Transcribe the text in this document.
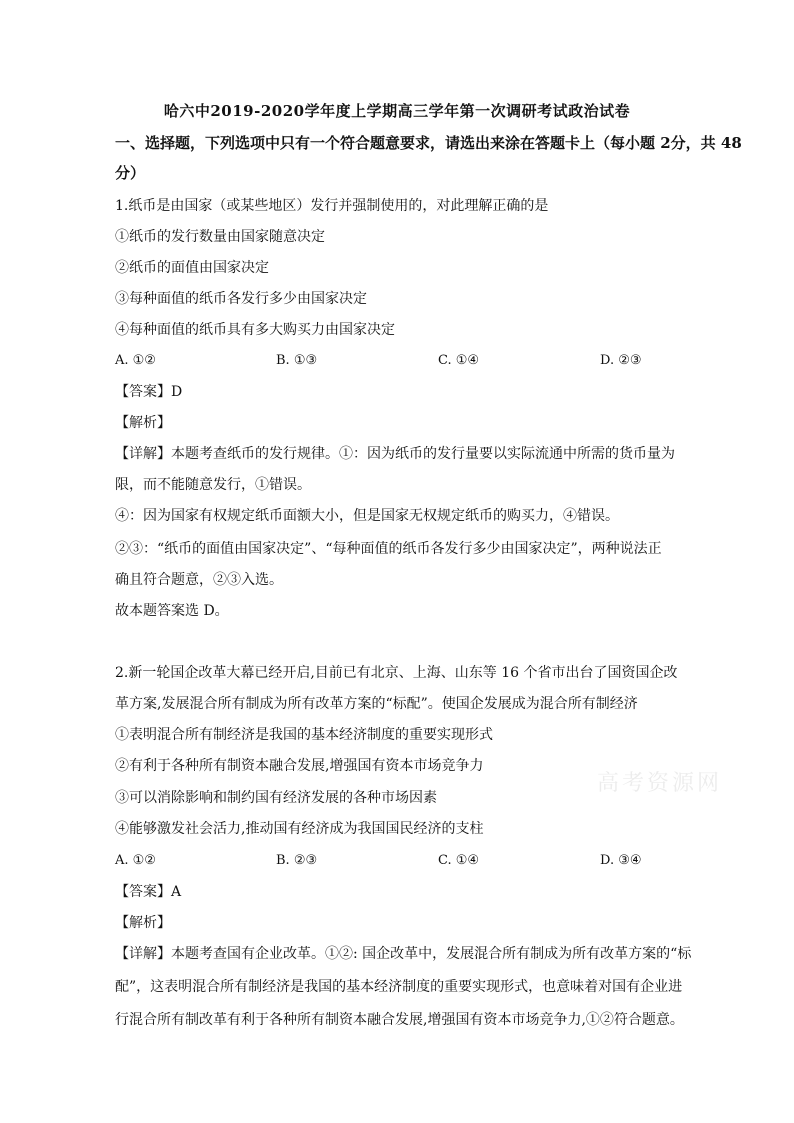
哈六中2019-2020学年度上学期高三学年第一次调研考试政治试卷
一、选择题，下列选项中只有一个符合题意要求，请选出来涂在答题卡上（每小题 2分，共 48
分）
1.纸币是由国家（或某些地区）发行并强制使用的，对此理解正确的是
①纸币的发行数量由国家随意决定
②纸币的面值由国家决定
③每种面值的纸币各发行多少由国家决定
④每种面值的纸币具有多大购买力由国家决定
A. ①②	B. ①③	C. ①④	D. ②③
【答案】D
【解析】
【详解】本题考查纸币的发行规律。①：因为纸币的发行量要以实际流通中所需的货币量为
限，而不能随意发行，①错误。
④：因为国家有权规定纸币面额大小，但是国家无权规定纸币的购买力，④错误。
②③：“纸币的面值由国家决定”、“每种面值的纸币各发行多少由国家决定”，两种说法正
确且符合题意，②③入选。
故本题答案选 D。
2.新一轮国企改革大幕已经开启,目前已有北京、上海、山东等 16 个省市出台了国资国企改
革方案,发展混合所有制成为所有改革方案的“标配”。使国企发展成为混合所有制经济
①表明混合所有制经济是我国的基本经济制度的重要实现形式
②有利于各种所有制资本融合发展,增强国有资本市场竞争力
③可以消除影响和制约国有经济发展的各种市场因素
④能够激发社会活力,推动国有经济成为我国国民经济的支柱
A. ①②	B. ②③	C. ①④	D. ③④
【答案】A
【解析】
【详解】本题考查国有企业改革。①②: 国企改革中，发展混合所有制成为所有改革方案的“标
配”，这表明混合所有制经济是我国的基本经济制度的重要实现形式，也意味着对国有企业进
行混合所有制改革有利于各种所有制资本融合发展,增强国有资本市场竞争力,①②符合题意。
高考资源网
